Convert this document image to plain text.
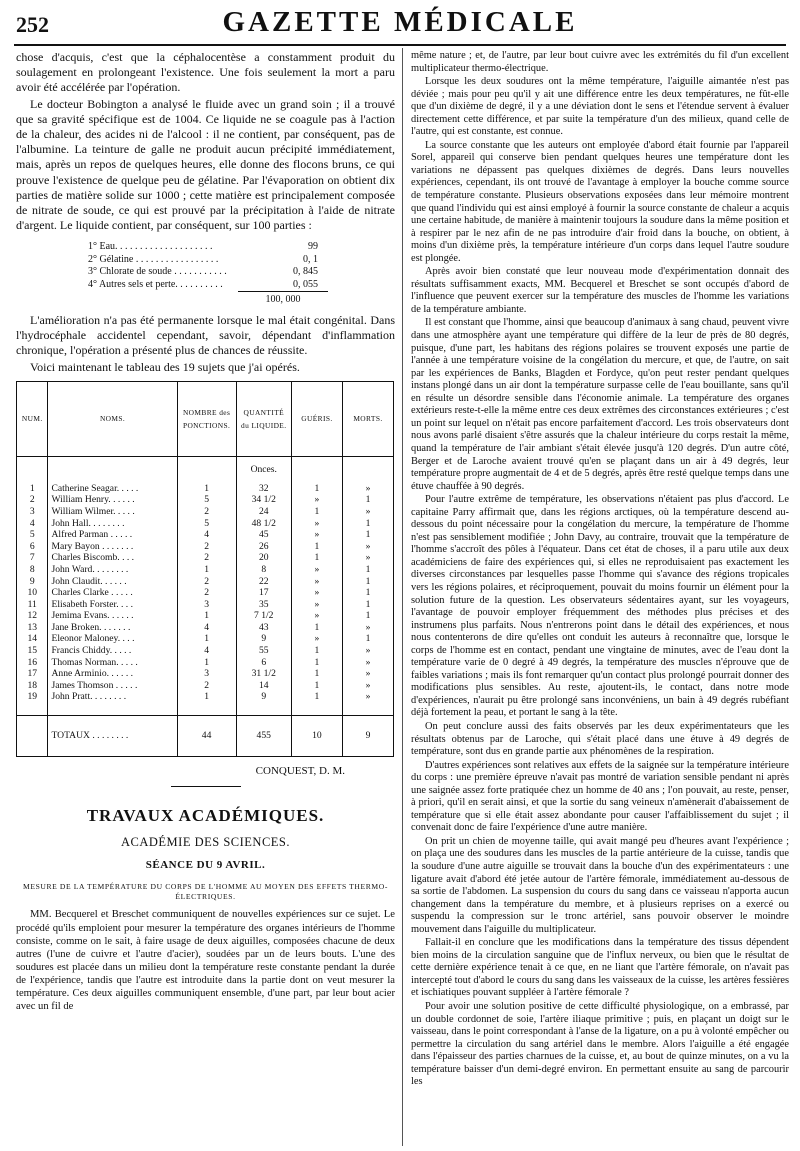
252	GAZETTE MÉDICALE

chose d'acquis, c'est que la céphalocentèse a constamment produit du soulagement en prolongeant l'existence. Une fois seulement la mort a paru avoir été accélérée par l'opération.

Le docteur Bobington a analysé le fluide avec un grand soin ; il a trouvé que sa gravité spécifique est de 1004. Ce liquide ne se coagule pas à l'action de la chaleur, des acides ni de l'alcool : il ne contient, par conséquent, pas de l'albumine. La teinture de galle ne produit aucun précipité immédiatement, mais, après un repos de quelques heures, elle donne des flocons bruns, ce qui prouve l'existence de quelque peu de gélatine. Par l'évaporation on obtient dix parties de matière solide sur 1000 ; cette matière est principalement composée de nitrate de soude, ce qui est prouvé par la précipitation à l'aide de nitrate d'argent. Le liquide contient, par conséquent, sur 100 parties :

1° Eau. . . . . . . . . . . . . . . . . . . .	99
2° Gélatine . . . . . . . . . . . . . . . . .	0, 1
3° Chlorate de soude . . . . . . . . . . .	0, 845
4° Autres sels et perte. . . . . . . . . .	0, 055
100, 000

L'amélioration n'a pas été permanente lorsque le mal était congénital. Dans l'hydrocéphale accidentel cependant, savoir, dépendant d'inflammation chronique, l'opération a présenté plus de chances de réussite.

Voici maintenant le tableau des 19 sujets que j'ai opérés.

NUM.	NOMS.	NOMBRE des PONCTIONS.	QUANTITÉ du LIQUIDE.	GUÉRIS.	MORTS.
			Onces.		
1	Catherine Seagar. . . . .	1	32	1	»
2	William Henry. . . . . .	5	34 1/2	»	1
3	William Wilmer. . . . .	2	24	1	»
4	John Hall. . . . . . . .	5	48 1/2	»	1
5	Alfred Parman . . . . .	4	45	»	1
6	Mary Bayon . . . . . . .	2	26	1	»
7	Charles Biscomb. . . .	2	20	1	»
8	John Ward. . . . . . . .	1	8	»	1
9	John Claudit. . . . . .	2	22	»	1
10	Charles Clarke . . . . .	2	17	»	1
11	Elisabeth Forster. . . .	3	35	»	1
12	Jemima Evans. . . . . .	1	7 1/2	»	1
13	Jane Broken. . . . . . .	4	43	1	»
14	Eleonor Maloney. . . .	1	9	»	1
15	Francis Chiddy. . . . .	4	55	1	»
16	Thomas Norman. . . . .	1	6	1	»
17	Anne Arminio. . . . . .	3	31 1/2	1	»
18	James Thomson . . . . .	2	14	1	»
19	John Pratt. . . . . . . .	1	9	1	»

	TOTAUX . . . . . . . .	44	455	10	9
CONQUEST, D. M.
TRAVAUX ACADÉMIQUES.
ACADÉMIE DES SCIENCES.
SÉANCE DU 9 AVRIL.
MESURE DE LA TEMPÉRATURE DU CORPS DE L'HOMME AU MOYEN DES EFFETS THERMO-ÉLECTRIQUES.

MM. Becquerel et Breschet communiquent de nouvelles expériences sur ce sujet. Le procédé qu'ils emploient pour mesurer la température des organes intérieurs de l'homme consiste, comme on le sait, à faire usage de deux aiguilles, composées chacune de deux autres (l'une de cuivre et l'autre d'acier), soudées par un de leurs bouts. L'une des soudures est placée dans un milieu dont la température reste constante pendant la durée de l'expérience, tandis que l'autre est introduite dans la partie dont on veut mesurer la température. Ces deux aiguilles communiquent ensemble, d'une part, par leur bout acier avec un fil de

même nature ; et, de l'autre, par leur bout cuivre avec les extrémités du fil d'un excellent multiplicateur thermo-électrique.

Lorsque les deux soudures ont la même température, l'aiguille aimantée n'est pas déviée ; mais pour peu qu'il y ait une différence entre les deux températures, ne fût-elle que d'un dixième de degré, il y a une déviation dont le sens et l'étendue servent à évaluer directement cette différence, et par suite la température d'un des milieux, quand celle de l'autre, qui est constante, est connue.

La source constante que les auteurs ont employée d'abord était fournie par l'appareil Sorel, appareil qui conserve bien pendant quelques heures une température dont les variations ne dépassent pas quelques dixièmes de degrés. Dans leurs nouvelles expériences, cependant, ils ont trouvé de l'avantage à employer la bouche comme source de température constante. Plusieurs observations exposées dans leur mémoire montrent que quand l'individu qui est ainsi employé à fournir la source constante de chaleur a acquis une certaine habitude, de manière à maintenir toujours la soudure dans la même position et à respirer par le nez afin de ne pas introduire d'air froid dans la bouche, on obtient, à moins d'un dixième près, la température intérieure d'un corps dans lequel l'autre soudure est plongée.

Après avoir bien constaté que leur nouveau mode d'expérimentation donnait des résultats suffisamment exacts, MM. Becquerel et Breschet se sont occupés d'abord de l'influence que peuvent exercer sur la température des muscles de l'homme les variations de la température ambiante.

Il est constant que l'homme, ainsi que beaucoup d'animaux à sang chaud, peuvent vivre dans une atmosphère ayant une température qui diffère de la leur de près de 80 degrés, puisque, d'une part, les habitans des régions polaires se trouvent exposés une partie de l'année à une température voisine de la congélation du mercure, et que, de l'autre, on sait par les expériences de Banks, Blagden et Fordyce, qu'on peut rester pendant quelques instans plongé dans un air dont la température surpasse celle de l'eau bouillante, sans qu'il en résulte un désordre sensible dans l'économie animale. La température des organes extérieurs reste-t-elle la même entre ces deux extrêmes des circonstances extérieures ; c'est un point sur lequel on n'était pas encore parfaitement d'accord. Les trois observateurs dont nous avons parlé disaient s'être assurés que la chaleur intérieure du corps restait la même, quand la température de l'air ambiant s'était élevée jusqu'à 120 degrés. D'un autre côté, Berger et de Laroche avaient trouvé qu'en se plaçant dans un air à 49 degrés, leur température propre augmentait de 4 et de 5 degrés, après être resté quelque temps dans une étuve chauffée à 90 degrés.

Pour l'autre extrême de température, les observations n'étaient pas plus d'accord. Le capitaine Parry affirmait que, dans les régions arctiques, où la température descend au-dessous du point nécessaire pour la congélation du mercure, la température de l'homme n'est pas sensiblement modifiée ; John Davy, au contraire, trouvait que la température de l'homme s'accroît des pôles à l'équateur. Dans cet état de choses, il a paru utile aux deux académiciens de faire des expériences qui, si elles ne reproduisaient pas exactement les diverses circonstances par lesquelles passe l'homme qui s'avance des régions tropicales vers les régions polaires, et réciproquement, pouvait du moins fournir un élément pour la solution future de la question. Les observateurs sédentaires ayant, sur les voyageurs, l'avantage de pouvoir employer fréquemment des méthodes plus précises et des instrumens plus parfaits. Nous n'entrerons point dans le détail des expériences, et nous nous contenterons de dire qu'elles ont conduit les auteurs à reconnaître que, lorsque le corps de l'homme est en contact, pendant une vingtaine de minutes, avec de l'eau dont la température varie de 0 degré à 49 degrés, la température des muscles n'éprouve que de faibles variations ; mais ils font remarquer qu'un contact plus prolongé pourrait donner des modifications plus sensibles. Au reste, ajoutent-ils, le contact, dans notre mode d'expériences, n'aurait pu être prolongé sans inconvéniens, un bain à 49 degrés rubéfiant déjà fortement la peau, et portant le sang à la tête.

On peut conclure aussi des faits observés par les deux expérimentateurs que les résultats obtenus par de Laroche, qui s'était placé dans une étuve à 49 degrés de température, sont dus en grande partie aux phénomènes de la respiration.

D'autres expériences sont relatives aux effets de la saignée sur la température intérieure du corps : une première épreuve n'avait pas montré de variation sensible pendant ni après une saignée assez forte pratiquée chez un homme de 40 ans ; l'on pouvait, au reste, penser, à priori, qu'il en serait ainsi, et que la sortie du sang veineux n'amènerait d'abaissement de température que si elle était assez abondante pour causer l'affaiblissement du sujet ; il convenait donc de faire l'expérience d'une autre manière.

On prit un chien de moyenne taille, qui avait mangé peu d'heures avant l'expérience ; on plaça une des soudures dans les muscles de la partie antérieure de la cuisse, tandis que la soudure d'une autre aiguille se trouvait dans la bouche d'un des expérimentateurs : une ligature avait d'abord été jetée autour de l'artère fémorale, immédiatement au-dessous de sa sortie de l'abdomen. La suspension du cours du sang dans ce vaisseau n'apporta aucun changement dans la température du membre, et à plusieurs reprises on a exercé ou suspendu la compression sur le tronc artériel, sans pouvoir observer le moindre mouvement dans l'aiguille du multiplicateur.

Fallait-il en conclure que les modifications dans la température des tissus dépendent bien moins de la circulation sanguine que de l'influx nerveux, ou bien que le résultat de cette dernière expérience tenait à ce que, en ne liant que l'artère fémorale, on n'avait pas intercepté tout d'abord le cours du sang dans les vaisseaux de la cuisse, les artères fessières et ischiatiques pouvant suppléer à l'artère fémorale ?

Pour avoir une solution positive de cette difficulté physiologique, on a embrassé, par un double cordonnet de soie, l'artère iliaque primitive ; puis, en plaçant un doigt sur le vaisseau, dans le point correspondant à l'anse de la ligature, on a pu à volonté empêcher ou permettre la circulation du sang artériel dans le membre. Alors l'aiguille a été engagée dans l'épaisseur des parties charnues de la cuisse, et, au bout de quinze minutes, on a vu la température baisser d'un demi-degré environ. En permettant ensuite au sang de parcourir les
